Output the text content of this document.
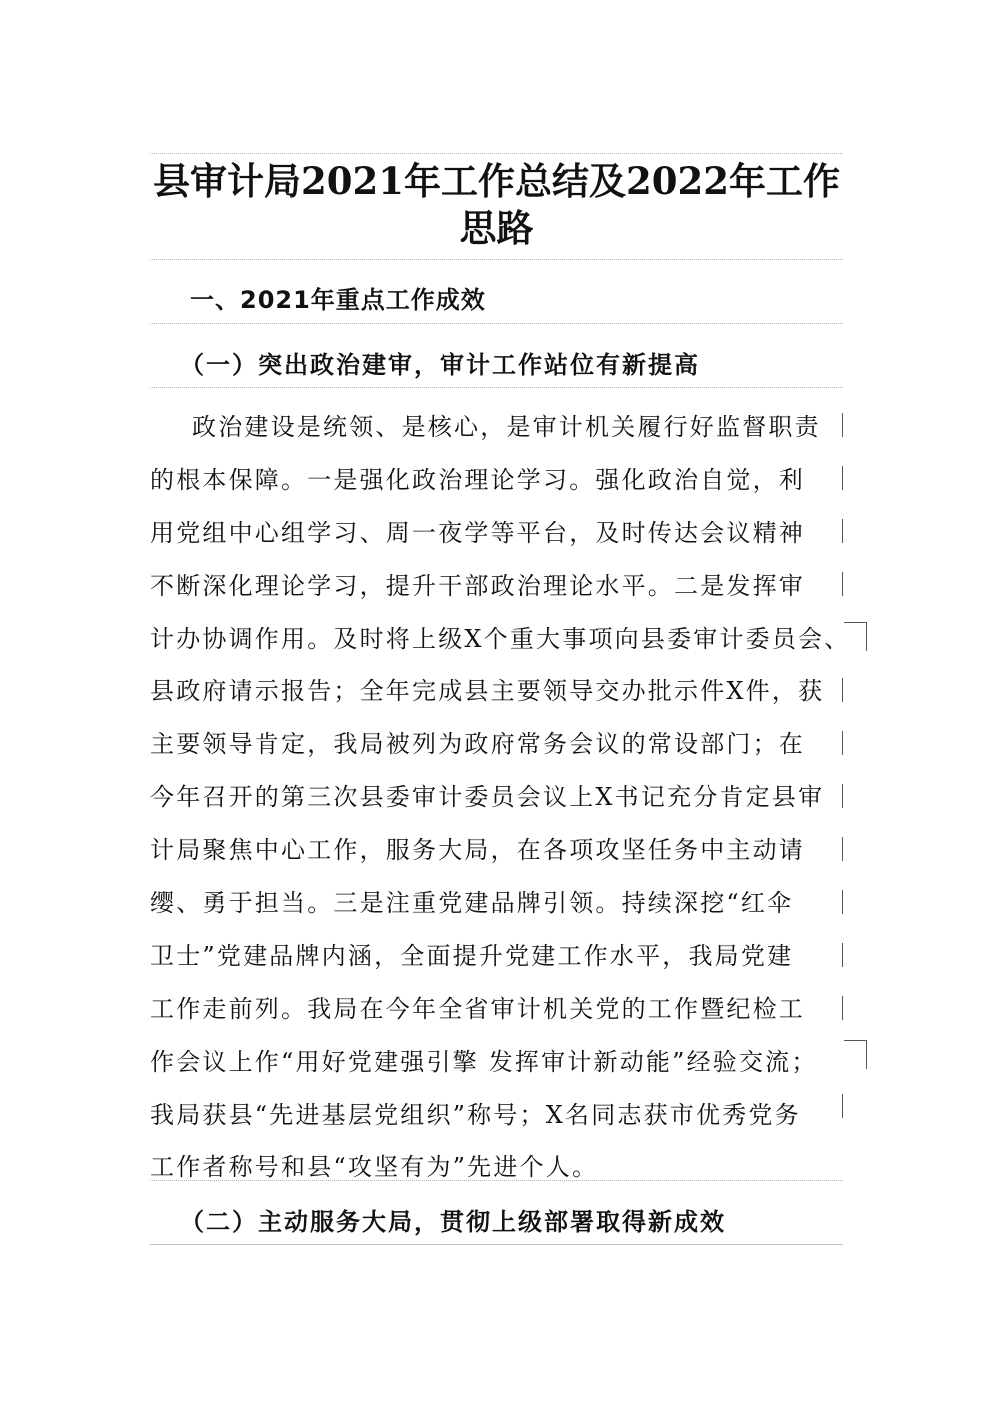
县审计局2021年工作总结及2022年工作
思路
一、2021年重点工作成效
（一）突出政治建审，审计工作站位有新提高
政治建设是统领、是核心，是审计机关履行好监督职责
的根本保障。一是强化政治理论学习。强化政治自觉，利
用党组中心组学习、周一夜学等平台，及时传达会议精神
不断深化理论学习，提升干部政治理论水平。二是发挥审
计办协调作用。及时将上级X个重大事项向县委审计委员会、
县政府请示报告；全年完成县主要领导交办批示件X件，获
主要领导肯定，我局被列为政府常务会议的常设部门；在
今年召开的第三次县委审计委员会议上X书记充分肯定县审
计局聚焦中心工作，服务大局，在各项攻坚任务中主动请
缨、勇于担当。三是注重党建品牌引领。持续深挖“红伞
卫士”党建品牌内涵，全面提升党建工作水平，我局党建
工作走前列。我局在今年全省审计机关党的工作暨纪检工
作会议上作“用好党建强引擎 发挥审计新动能”经验交流；
我局获县“先进基层党组织”称号；X名同志获市优秀党务
工作者称号和县“攻坚有为”先进个人。
（二）主动服务大局，贯彻上级部署取得新成效
